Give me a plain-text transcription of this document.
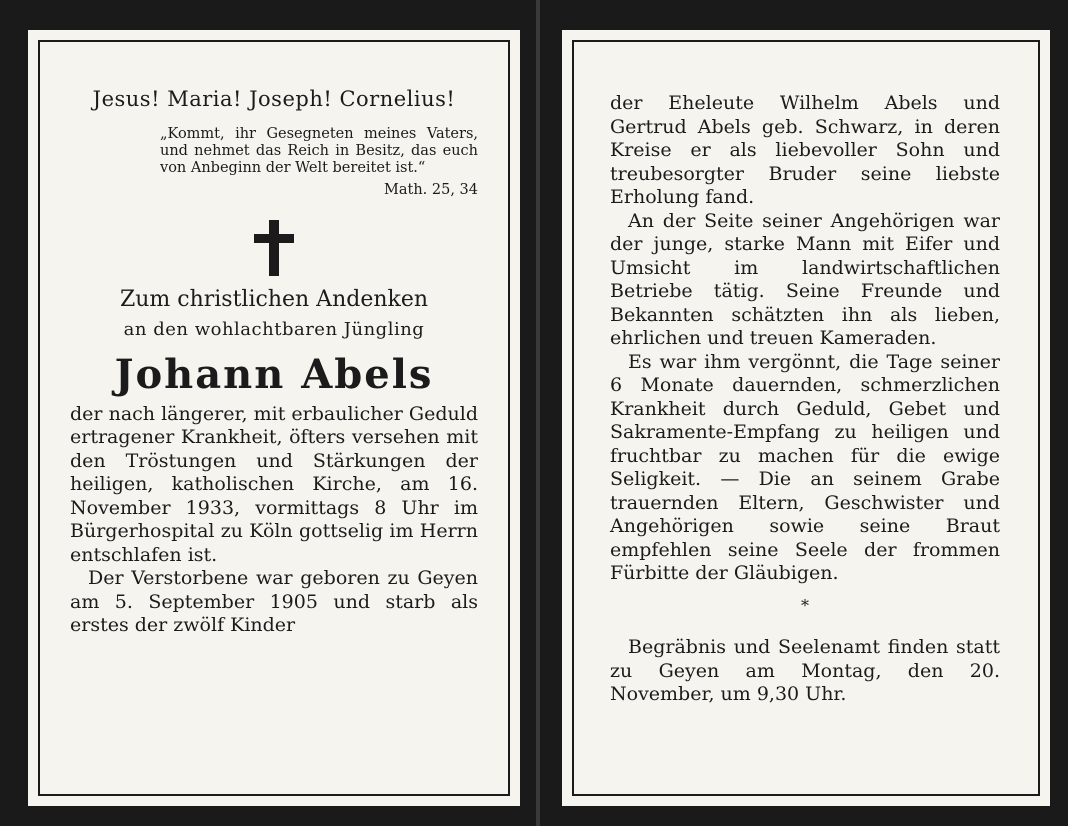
Jesus! Maria! Joseph! Cornelius!
„Kommt, ihr Gesegneten meines Vaters, und nehmet das Reich in Besitz, das euch von Anbeginn der Welt bereitet ist.“
Math. 25, 34
Zum christlichen Andenken
an den wohlachtbaren Jüngling
Johann Abels

der nach längerer, mit erbaulicher Geduld ertragener Krankheit, öfters versehen mit den Tröstungen und Stärkungen der heiligen, katholischen Kirche, am 16. November 1933, vormittags 8 Uhr im Bürgerhospital zu Köln gottselig im Herrn entschlafen ist.

Der Verstorbene war geboren zu Geyen am 5. September 1905 und starb als erstes der zwölf Kinder

der Eheleute Wilhelm Abels und Gertrud Abels geb. Schwarz, in deren Kreise er als liebevoller Sohn und treubesorgter Bruder seine liebste Erholung fand.

An der Seite seiner Angehörigen war der junge, starke Mann mit Eifer und Umsicht im landwirtschaftlichen Betriebe tätig. Seine Freunde und Bekannten schätzten ihn als lieben, ehrlichen und treuen Kameraden.

Es war ihm vergönnt, die Tage seiner 6 Monate dauernden, schmerzlichen Krankheit durch Geduld, Gebet und Sakramente-Empfang zu heiligen und fruchtbar zu machen für die ewige Seligkeit. — Die an seinem Grabe trauernden Eltern, Geschwister und Angehörigen sowie seine Braut empfehlen seine Seele der frommen Fürbitte der Gläubigen.

*

Begräbnis und Seelenamt finden statt zu Geyen am Montag, den 20. November, um 9,30 Uhr.
